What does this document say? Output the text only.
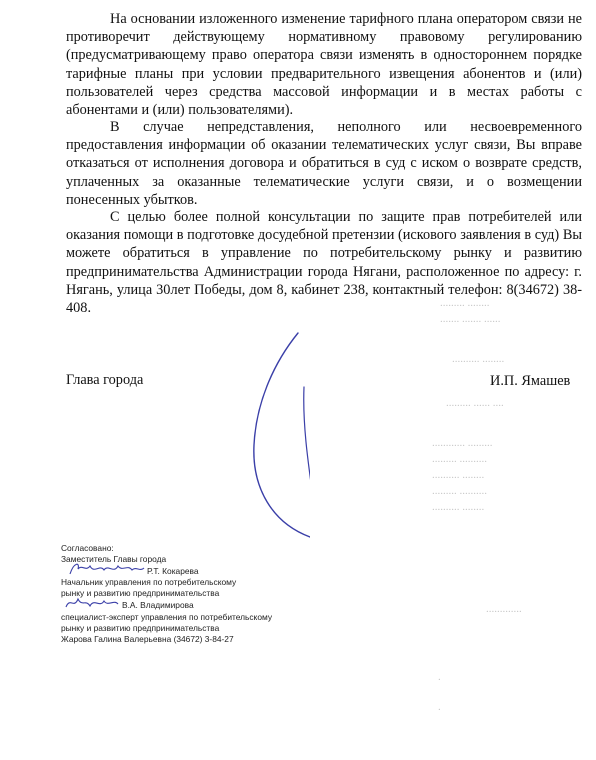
......... ........
....... ....... ......
.......... ........
......... ...... ....
............ .........
......... ..........
.......... ........
......... ..........
.......... ........
.............
.
.

На основании изложенного изменение тарифного плана оператором связи не противоречит действующему нормативному правовому регулированию (предусматривающему право оператора связи изменять в одностороннем порядке тарифные планы при условии предварительного извещения абонентов и (или) пользователей через средства массовой информации и в местах работы с абонентами и (или) пользователями).

В случае непредставления, неполного или несвоевременного предоставления информации об оказании телематических услуг связи, Вы вправе отказаться от исполнения договора и обратиться в суд с иском о возврате средств, уплаченных за оказанные телематические услуги связи, и о возмещении понесенных убытков.

С целью более полной консультации по защите прав потребителей или оказания помощи в подготовке досудебной претензии (искового заявления в суд) Вы можете обратиться в управление по потребительскому рынку и развитию предпринимательства Администрации города Нягани, расположенное по адресу: г. Нягань, улица 30лет Победы, дом 8, кабинет 238, контактный телефон: 8(34672) 38-408.

Глава города	И.П. Ямашев
Согласовано:
Заместитель Главы города
Р.Т. Кокарева
Начальник управления по потребительскому
рынку и развитию предпринимательства
В.А. Владимирова
специалист-эксперт управления по потребительскому
рынку и развитию предпринимательства
Жарова Галина Валерьевна (34672) 3-84-27
